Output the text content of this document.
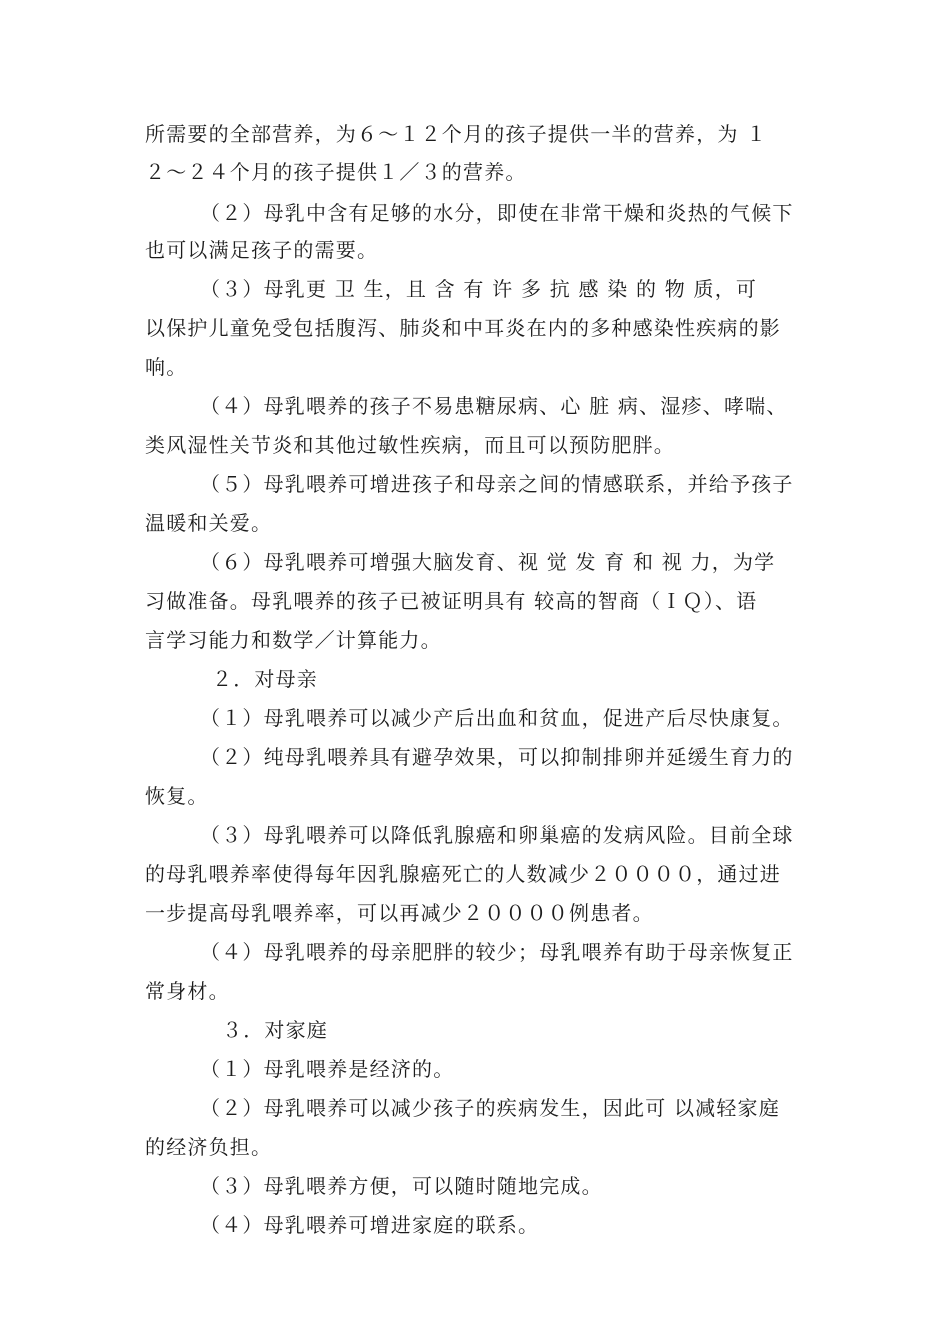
所需要的全部营养，为６～１２个月的孩子提供一半的营养，为 １
２～２４个月的孩子提供１／３的营养。
（２）母乳中含有足够的水分，即使在非常干燥和炎热的气候下
也可以满足孩子的需要。
（３）母乳更 卫 生，且 含 有 许 多 抗 感 染 的 物 质，可
以保护儿童免受包括腹泻、肺炎和中耳炎在内的多种感染性疾病的影
响。
（４）母乳喂养的孩子不易患糖尿病、心 脏 病、湿疹、哮喘、
类风湿性关节炎和其他过敏性疾病，而且可以预防肥胖。
（５）母乳喂养可增进孩子和母亲之间的情感联系，并给予孩子
温暖和关爱。
（６）母乳喂养可增强大脑发育、视 觉 发 育 和 视 力，为学
习做准备。母乳喂养的孩子已被证明具有 较高的智商（ＩＱ）、语
言学习能力和数学／计算能力。
２．对母亲
（１）母乳喂养可以减少产后出血和贫血，促进产后尽快康复。
（２）纯母乳喂养具有避孕效果，可以抑制排卵并延缓生育力的
恢复。
（３）母乳喂养可以降低乳腺癌和卵巢癌的发病风险。目前全球
的母乳喂养率使得每年因乳腺癌死亡的人数减少２００００，通过进
一步提高母乳喂养率，可以再减少２００００例患者。
（４）母乳喂养的母亲肥胖的较少；母乳喂养有助于母亲恢复正
常身材。
３．对家庭
（１）母乳喂养是经济的。
（２）母乳喂养可以减少孩子的疾病发生，因此可 以减轻家庭
的经济负担。
（３）母乳喂养方便，可以随时随地完成。
（４）母乳喂养可增进家庭的联系。
